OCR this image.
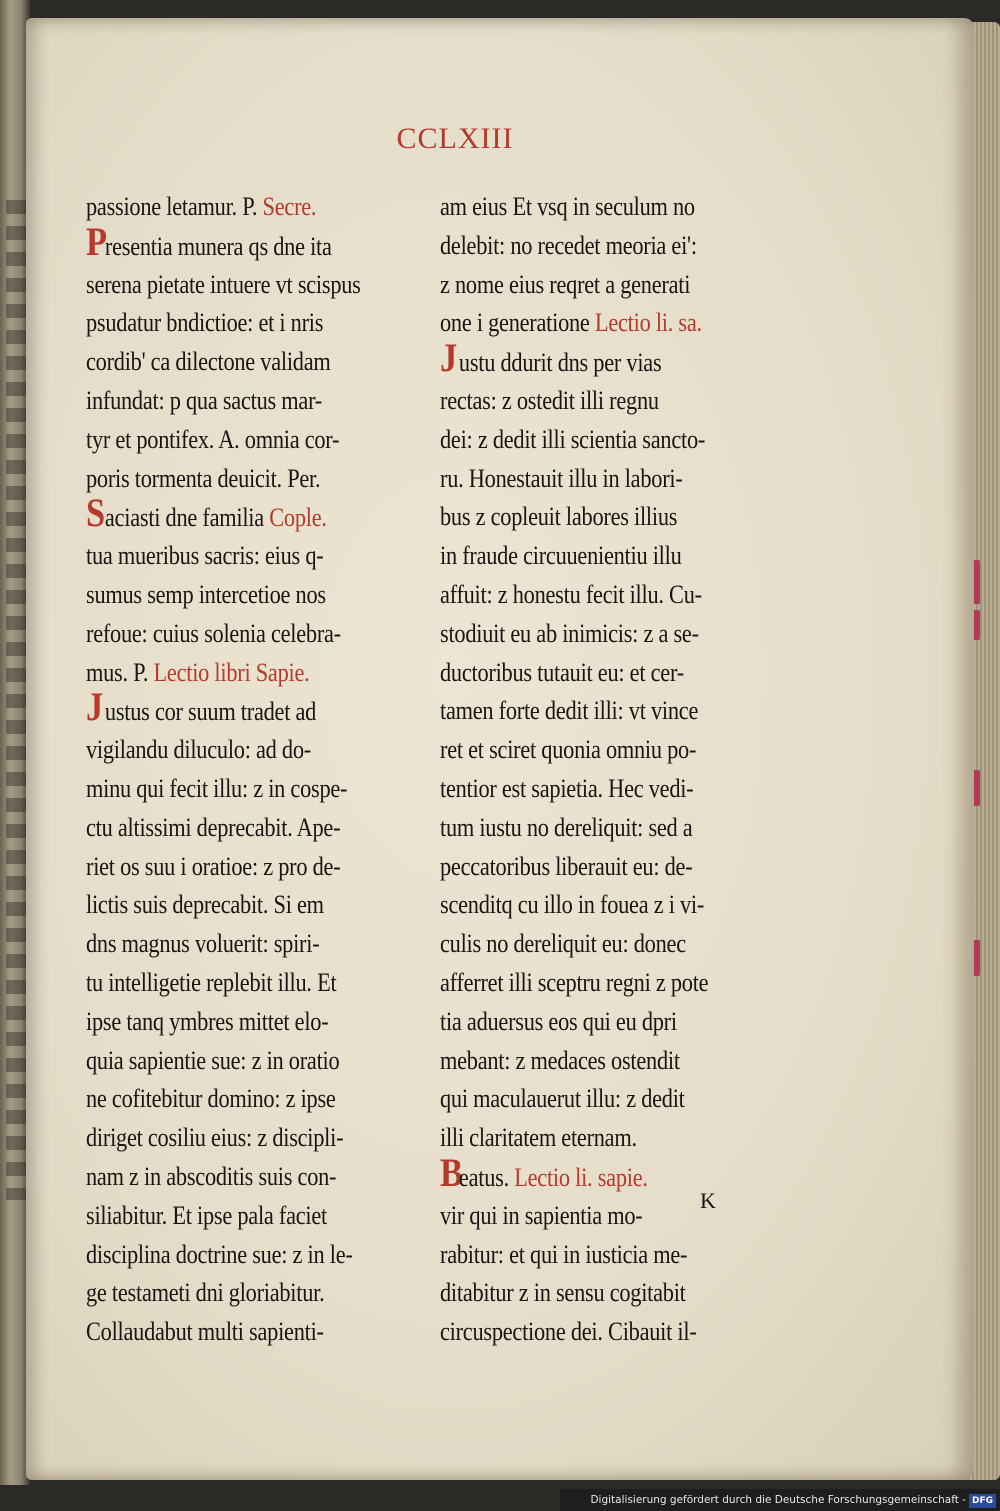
CCLXIII
passione letamur. P. Secre.
Presentia munera qs dne ita
serena pietate intuere vt scispus
psudatur bndictioe: et i nris
cordib' ca dilectone validam
infundat: p qua sactus mar-
tyr et pontifex. A. omnia cor-
poris tormenta deuicit. Per.
Saciasti dne familia Cople.
tua mueribus sacris: eius q-
sumus semp intercetioe nos
refoue: cuius solenia celebra-
mus. P. Lectio libri Sapie.
Justus cor suum tradet ad
vigilandu diluculo: ad do-
minu qui fecit illu: z in cospe-
ctu altissimi deprecabit. Ape-
riet os suu i oratioe: z pro de-
lictis suis deprecabit. Si em
dns magnus voluerit: spiri-
tu intelligetie replebit illu. Et
ipse tanq ymbres mittet elo-
quia sapientie sue: z in oratio
ne cofitebitur domino: z ipse
diriget cosiliu eius: z discipli-
nam z in abscoditis suis con-
siliabitur. Et ipse pala faciet
disciplina doctrine sue: z in le-
ge testameti dni gloriabitur.
Collaudabut multi sapienti-
am eius Et vsq in seculum no
delebit: no recedet meoria ei':
z nome eius reqret a generati
one i generatione Lectio li. sa.
Justu ddurit dns per vias
rectas: z ostedit illi regnu
dei: z dedit illi scientia sancto-
ru. Honestauit illu in labori-
bus z copleuit labores illius
in fraude circuuenientiu illu
affuit: z honestu fecit illu. Cu-
stodiuit eu ab inimicis: z a se-
ductoribus tutauit eu: et cer-
tamen forte dedit illi: vt vince
ret et sciret quonia omniu po-
tentior est sapietia. Hec vedi-
tum iustu no dereliquit: sed a
peccatoribus liberauit eu: de-
scenditq cu illo in fouea z i vi-
culis no dereliquit eu: donec
afferret illi sceptru regni z pote
tia aduersus eos qui eu dpri
mebant: z medaces ostendit
qui maculauerut illu: z dedit
illi claritatem eternam.
Beatus. Lectio li. sapie.
vir qui in sapientia mo-
rabitur: et qui in iusticia me-
ditabitur z in sensu cogitabit
circuspectione dei. Cibauit il-
K
Digitalisierung gefördert durch die Deutsche Forschungsgemeinschaft - DFG
